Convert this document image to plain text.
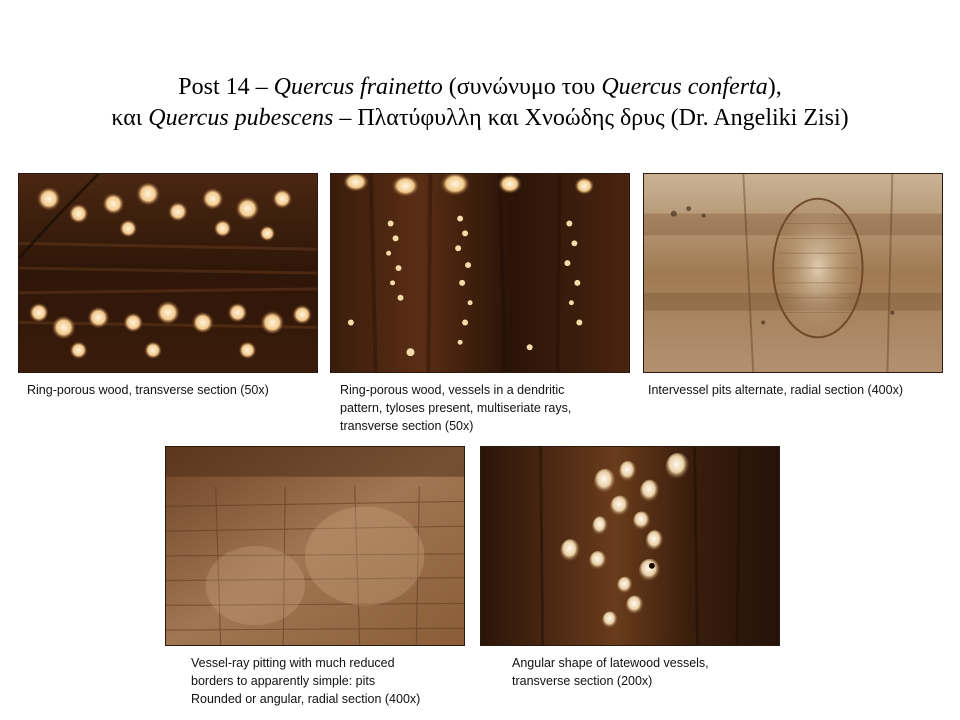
Post 14 – Quercus frainetto (συνώνυμο του Quercus conferta),
και Quercus pubescens – Πλατύφυλλη και Χνοώδης δρυς (Dr. Angeliki Zisi)
Ring-porous wood, transverse section (50x)	Ring-porous wood, vessels in a dendritic
pattern, tyloses present, multiseriate rays,
transverse section (50x)
Intervessel pits alternate, radial section (400x)
Vessel-ray pitting with much reduced
borders to apparently simple: pits
Rounded or angular, radial section (400x)
Angular shape of latewood vessels,
transverse section (200x)
